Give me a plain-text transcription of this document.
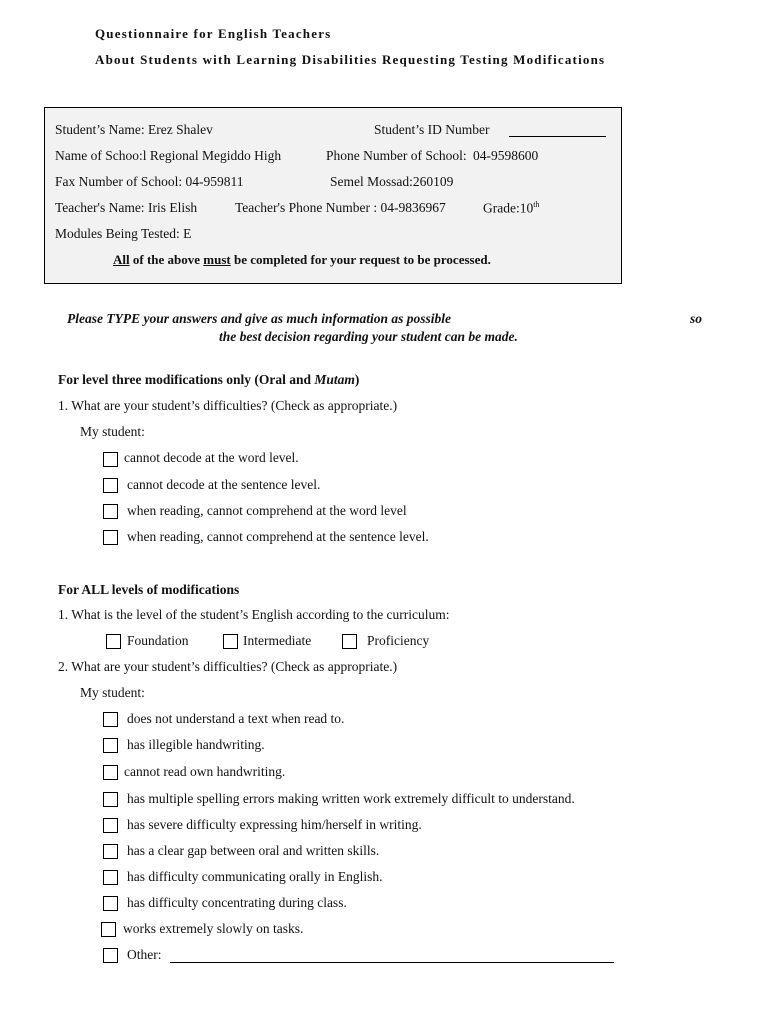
Questionnaire for English Teachers
About Students with Learning Disabilities Requesting Testing Modifications
Student’s Name: Erez Shalev	Student’s ID Number
Name of Schoo:l Regional Megiddo High	Phone Number of School: 04-9598600
Fax Number of School: 04-959811	Semel Mossad:260109
Teacher's Name: Iris Elish	Teacher's Phone Number : 04-9836967	Grade:10th
Modules Being Tested: E
All of the above must be completed for your request to be processed.
Please TYPE your answers and give as much information as possible	so
the best decision regarding your student can be made.
For level three modifications only (Oral and Mutam)
1. What are your student’s difficulties? (Check as appropriate.)
My student:
cannot decode at the word level.
cannot decode at the sentence level.
when reading, cannot comprehend at the word level
when reading, cannot comprehend at the sentence level.
For ALL levels of modifications
1. What is the level of the student’s English according to the curriculum:
Foundation	Intermediate	Proficiency
2. What are your student’s difficulties? (Check as appropriate.)
My student:
does not understand a text when read to.
has illegible handwriting.
cannot read own handwriting.
has multiple spelling errors making written work extremely difficult to understand.
has severe difficulty expressing him/herself in writing.
has a clear gap between oral and written skills.
has difficulty communicating orally in English.
has difficulty concentrating during class.
works extremely slowly on tasks.
Other:
